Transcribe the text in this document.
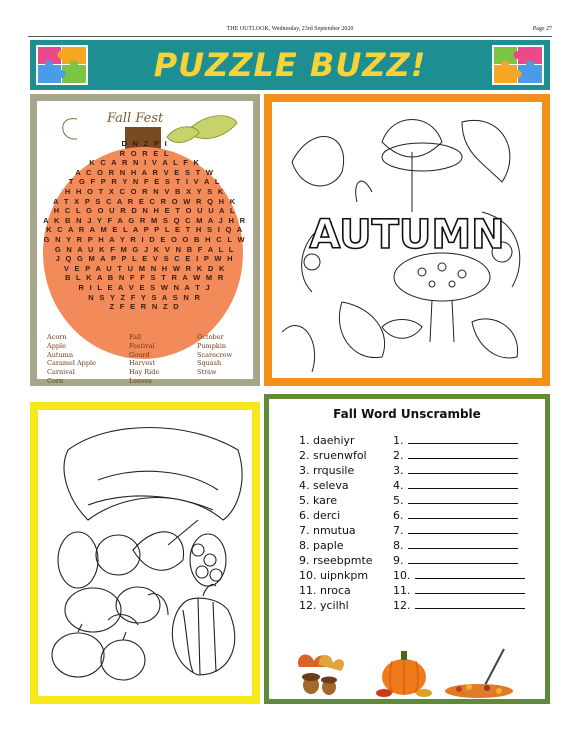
THE OUTLOOK, Wednesday, 23rd September 2020	Page 27
PUZZLE BUZZ!
Fall Fest
D N Z P I
R O R E L
K C A R N I V A L F K
A C O R N H A R V E S T W
T G F P R Y N F E S T I V A L
H H O T X C O R N V B X Y S K
A T X P S C A R E C R O W R Q H K
H C L G O U R D N H E T O U U A L
A K B N J Y F A G R M S Q C M A J H R
K C A R A M E L A P P L E T H S I Q A
G N Y R P H A Y R I D E O O B H C L W
G N A U K F M G J K V N B F A L L
J Q G M A P P L E V S C E I P W H
V E P A U T U M N H W R K D K
B L K A B N F F S T R A W M R
R I L E A V E S W N A T J
N S Y Z F Y S A S N R
Z F E R N Z D
Acorn
Apple
Autumn
Caramel Apple
Carnival
Corn
Fall
Festival
Gourd
Harvest
Hay Ride
Leaves
October
Pumpkin
Scarecrow
Squash
Straw
AUTUMN
Fall Word Unscramble
1. daehiyr
2. sruenwfol
3. rrqusile
4. seleva
5. kare
6. derci
7. nmutua
8. paple
9. rseebpmte
10. uipnkpm
11. nroca
12. ycilhl
1.
2.
3.
4.
5.
6.
7.
8.
9.
10.
11.
12.
